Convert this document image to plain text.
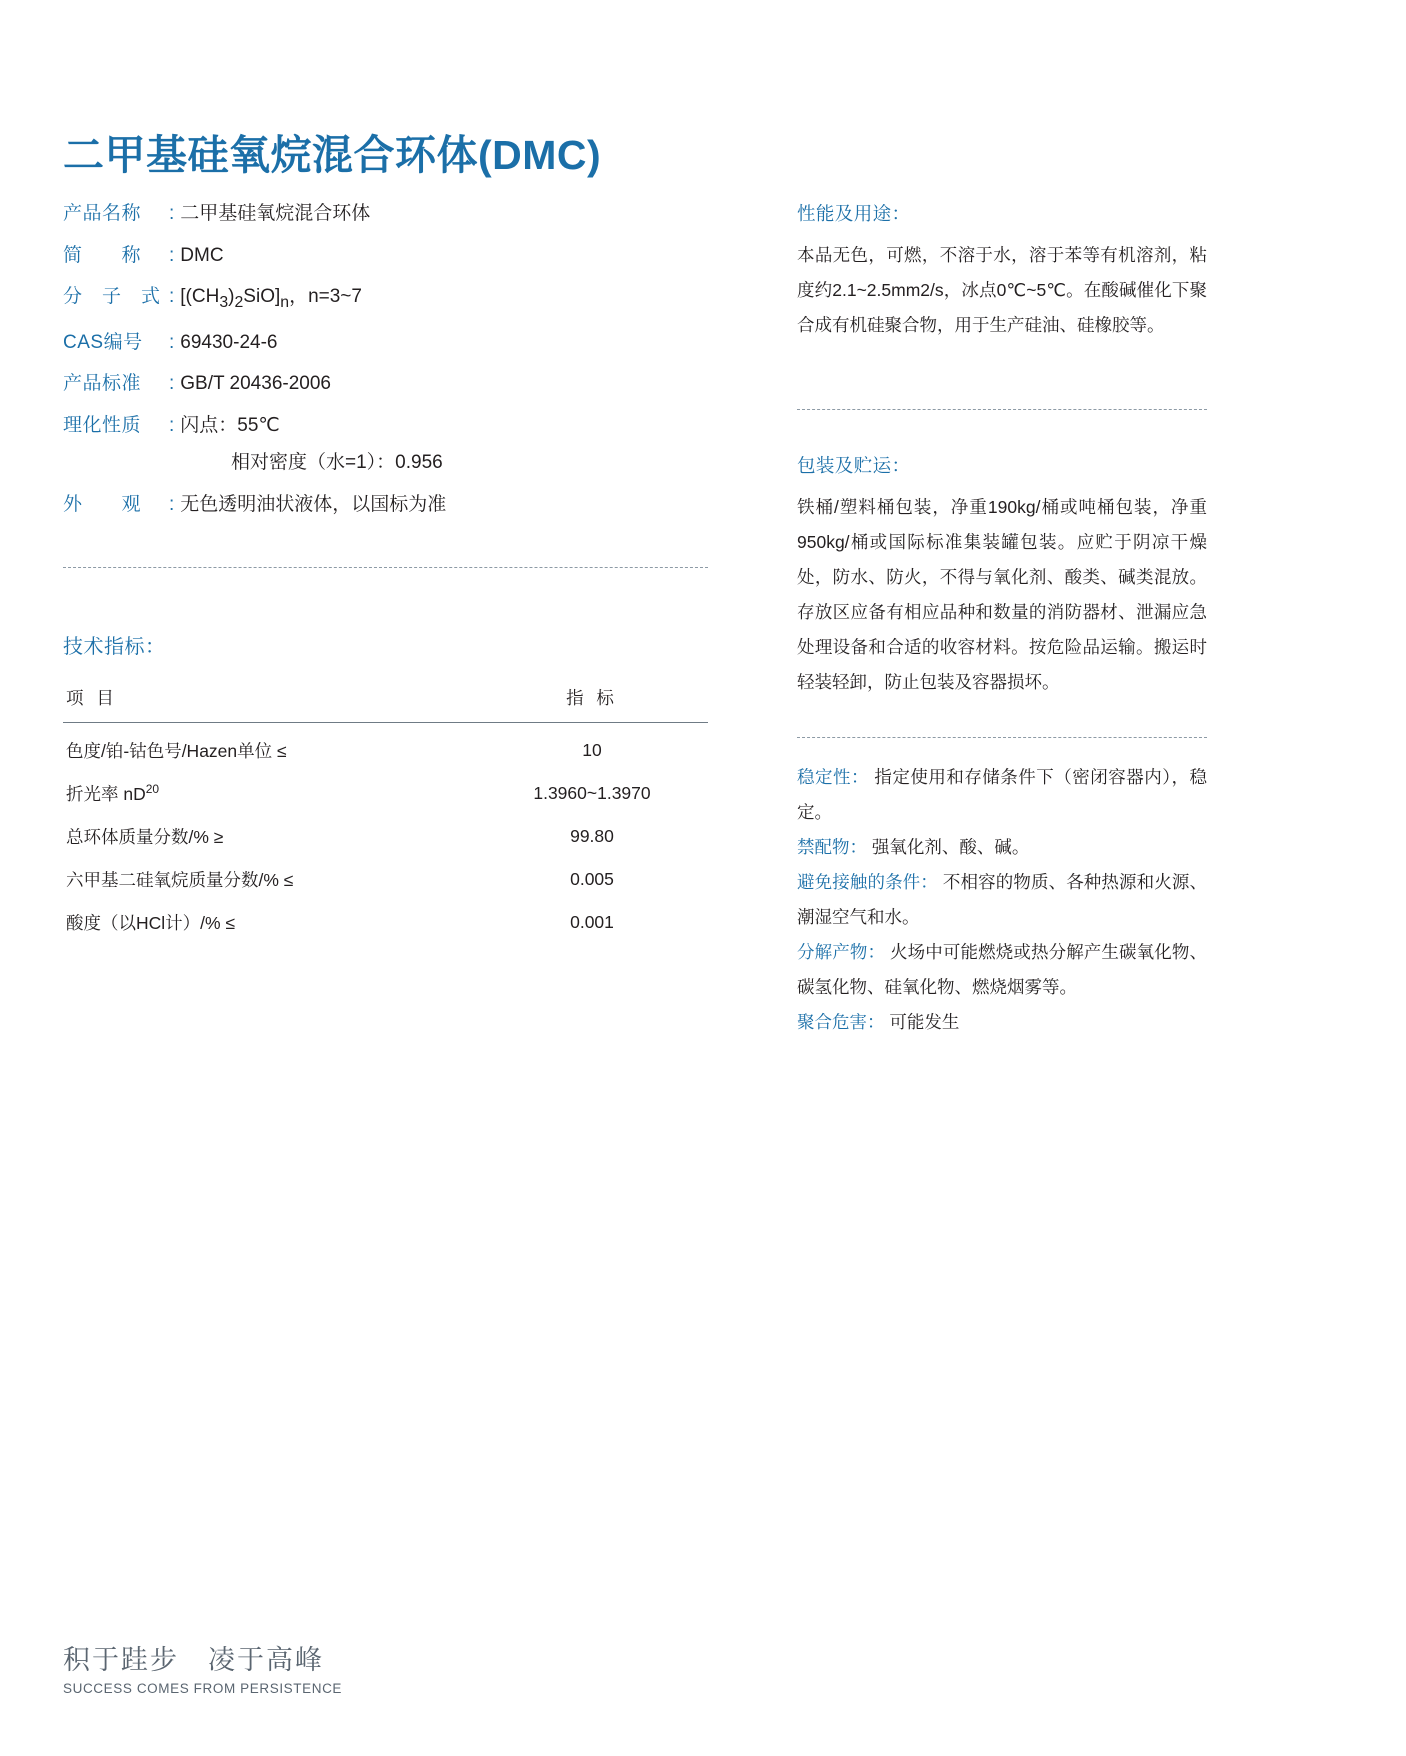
二甲基硅氧烷混合环体(DMC)
产品名称	: 二甲基硅氧烷混合环体
简　　称	: DMC
分　子　式 : $[(CH_3)_2SiO]_n$，n=3~7
CAS编号	: 69430-24-6
产品标准	: GB/T 20436-2006
理化性质	: 闪点：55℃
相对密度（水=1）：0.956
外　　观	: 无色透明油状液体，以国标为准
技术指标：
项 目	指 标
色度/铂-钴色号/Hazen单位 ≤	10
折光率 $nD^{20}$	1.3960~1.3970
总环体质量分数/% ≥	99.80
六甲基二硅氧烷质量分数/% ≤	0.005
酸度（以HCl计）/% ≤	0.001
性能及用途：
本品无色，可燃，不溶于水，溶于苯等有机溶剂，粘度约2.1~2.5mm2/s，冰点0℃~5℃。在酸碱催化下聚合成有机硅聚合物，用于生产硅油、硅橡胶等。
包装及贮运：
铁桶/塑料桶包装，净重190kg/桶或吨桶包装，净重950kg/桶或国际标准集装罐包装。应贮于阴凉干燥处，防水、防火，不得与氧化剂、酸类、碱类混放。存放区应备有相应品种和数量的消防器材、泄漏应急处理设备和合适的收容材料。按危险品运输。搬运时轻装轻卸，防止包装及容器损坏。
稳定性： 指定使用和存储条件下（密闭容器内），稳定。
禁配物： 强氧化剂、酸、碱。
避免接触的条件： 不相容的物质、各种热源和火源、潮湿空气和水。
分解产物： 火场中可能燃烧或热分解产生碳氧化物、碳氢化物、硅氧化物、燃烧烟雾等。
聚合危害： 可能发生
积于跬步　凌于高峰
SUCCESS COMES FROM PERSISTENCE
